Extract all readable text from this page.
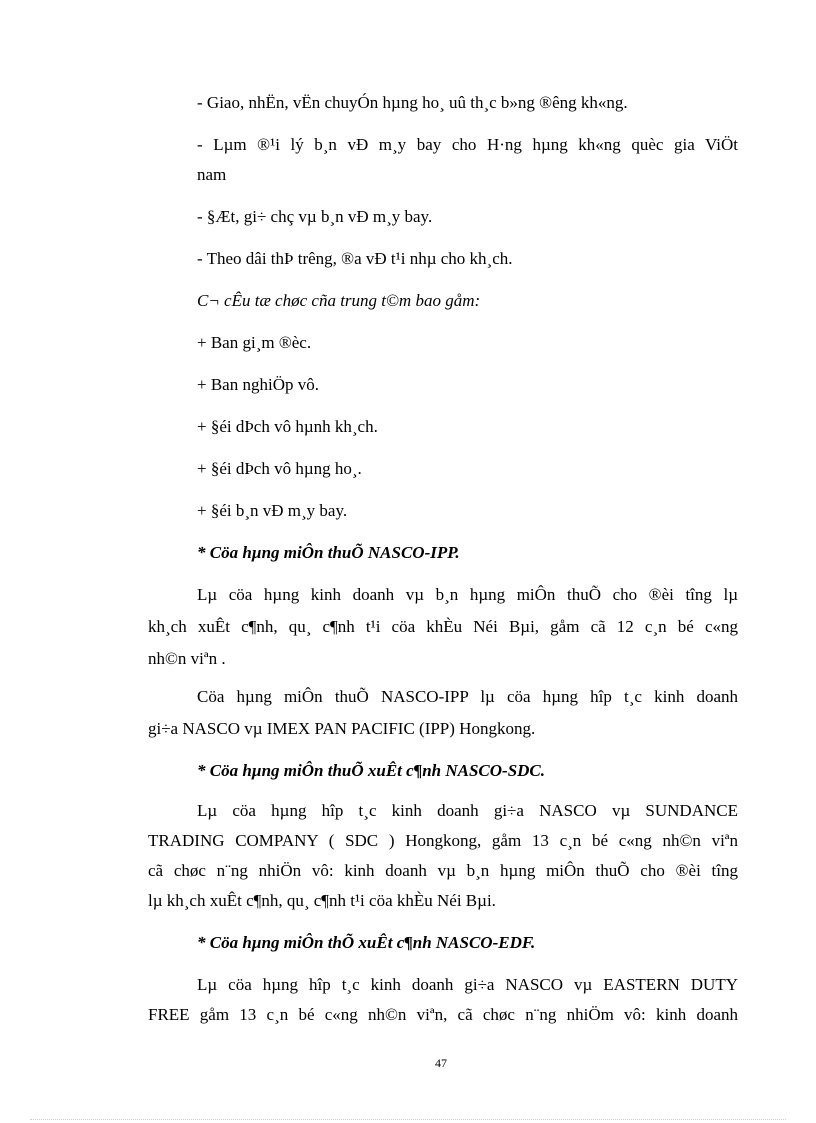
- Giao, nhËn, vËn chuyÓn hµng ho¸ uû th¸c b»ng ®êng kh«ng.
- Lµm ®¹i lý b¸n vÐ m¸y bay cho H·ng hµng kh«ng quèc gia ViÖt
nam
- §Æt, gi÷ chç vµ b¸n vÐ m¸y bay.
- Theo dâi thÞ trêng, ®a vÐ t¹i nhµ cho kh¸ch.
C¬ cÊu tæ chøc cña trung t©m bao gåm:
+ Ban gi¸m ®èc.
+ Ban nghiÖp vô.
+ §éi dÞch vô hµnh kh¸ch.
+ §éi dÞch vô hµng ho¸.
+ §éi b¸n vÐ m¸y bay.
* Cöa hµng miÔn thuÕ NASCO-IPP.
Lµ cöa hµng kinh doanh vµ b¸n hµng miÔn thuÕ cho ®èi tîng lµ
kh¸ch xuÊt c¶nh, qu¸ c¶nh t¹i cöa khÈu Néi Bµi, gåm cã 12 c¸n bé c«ng
nh©n viªn .
Cöa hµng miÔn thuÕ NASCO-IPP lµ cöa hµng hîp t¸c kinh doanh
gi÷a NASCO vµ IMEX PAN PACIFIC (IPP) Hongkong.
* Cöa hµng miÔn thuÕ xuÊt c¶nh NASCO-SDC.
Lµ cöa hµng hîp t¸c kinh doanh gi÷a NASCO vµ SUNDANCE
TRADING COMPANY ( SDC ) Hongkong, gåm 13 c¸n bé c«ng nh©n viªn
cã chøc n¨ng nhiÖn vô: kinh doanh vµ b¸n hµng miÔn thuÕ cho ®èi tîng
lµ kh¸ch xuÊt c¶nh, qu¸ c¶nh t¹i cöa khÈu Néi Bµi.
* Cöa hµng miÔn thÕ xuÊt c¶nh NASCO-EDF.
Lµ cöa hµng hîp t¸c kinh doanh gi÷a NASCO vµ EASTERN DUTY
FREE gåm 13 c¸n bé c«ng nh©n viªn, cã chøc n¨ng nhiÖm vô: kinh doanh
47
